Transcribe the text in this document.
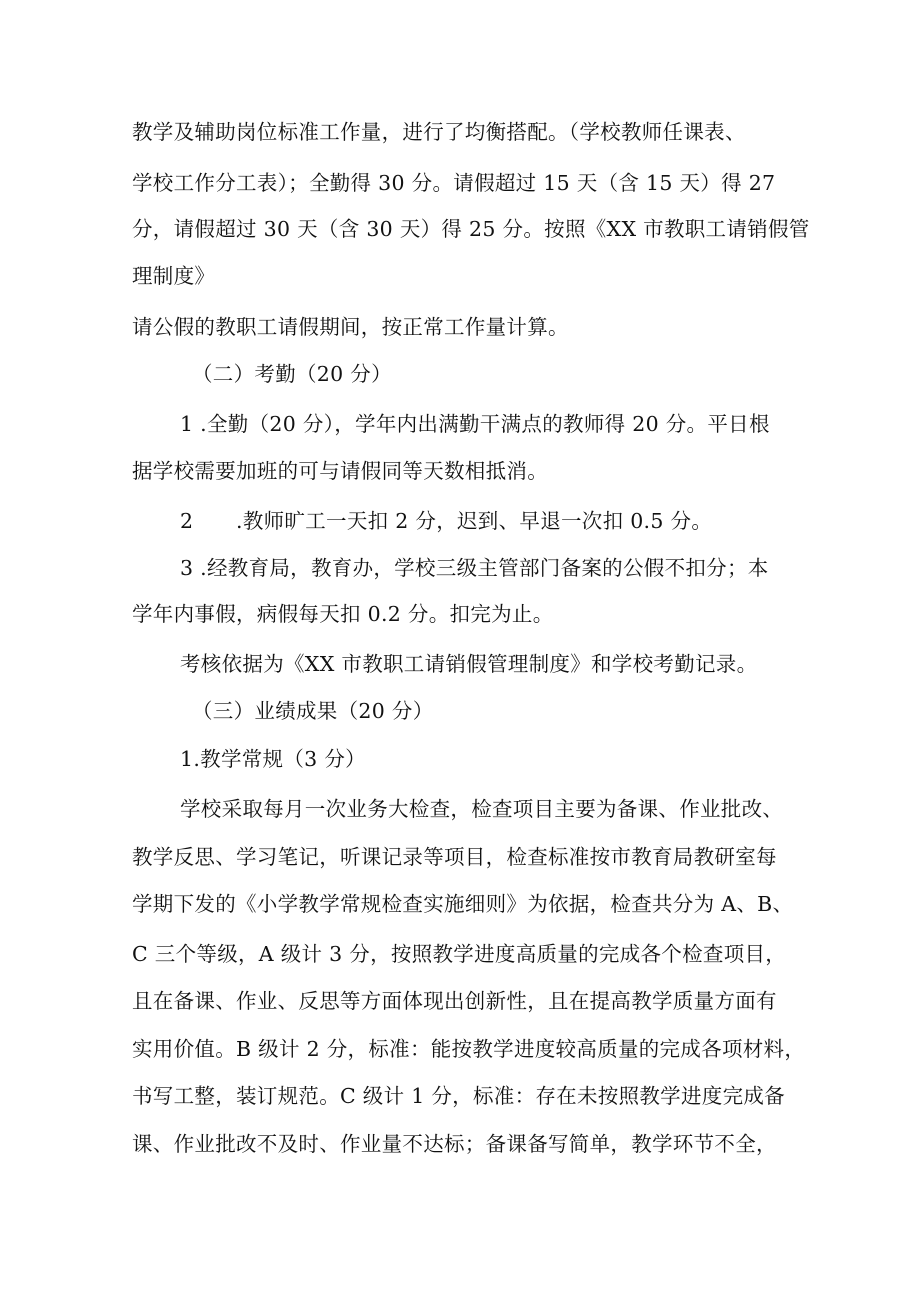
教学及辅助岗位标准工作量，进行了均衡搭配。（学校教师任课表、
学校工作分工表）；全勤得 30 分。请假超过 15 天（含 15 天）得 27
分，请假超过 30 天（含 30 天）得 25 分。按照《XX 市教职工请销假管
理制度》
请公假的教职工请假期间，按正常工作量计算。
（二）考勤（20 分）
1 .全勤（20 分），学年内出满勤干满点的教师得 20 分。平日根
据学校需要加班的可与请假同等天数相抵消。
2 .教师旷工一天扣 2 分，迟到、早退一次扣 0.5 分。
3 .经教育局，教育办，学校三级主管部门备案的公假不扣分；本
学年内事假，病假每天扣 0.2 分。扣完为止。
考核依据为《XX 市教职工请销假管理制度》和学校考勤记录。
（三）业绩成果（20 分）
1.教学常规（3 分）
学校采取每月一次业务大检查，检查项目主要为备课、作业批改、
教学反思、学习笔记，听课记录等项目，检查标准按市教育局教研室每
学期下发的《小学教学常规检查实施细则》为依据，检查共分为 A、B、
C 三个等级，A 级计 3 分，按照教学进度高质量的完成各个检查项目，
且在备课、作业、反思等方面体现出创新性，且在提高教学质量方面有
实用价值。B 级计 2 分，标准：能按教学进度较高质量的完成各项材料，
书写工整，装订规范。C 级计 1 分，标准：存在未按照教学进度完成备
课、作业批改不及时、作业量不达标；备课备写简单，教学环节不全，
